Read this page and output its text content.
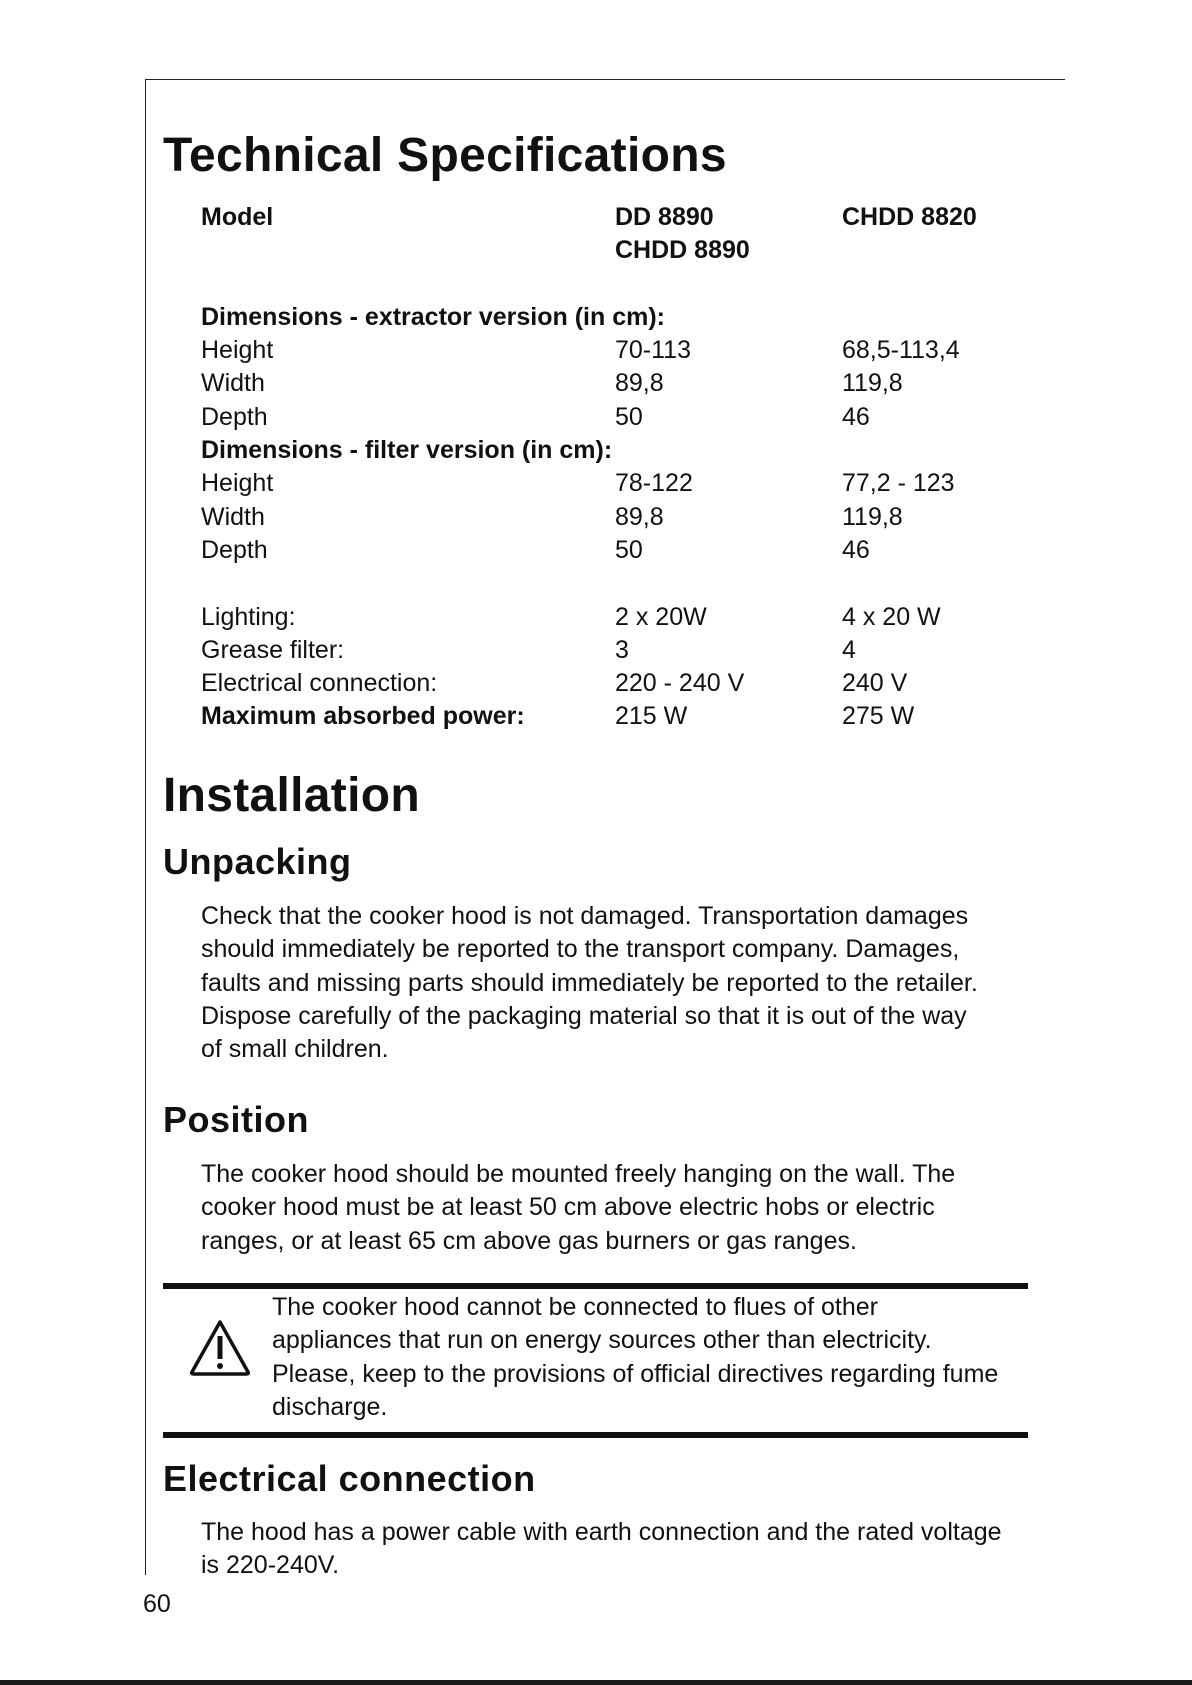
Technical Specifications
Model	DD 8890	CHDD 8820
CHDD 8890
Dimensions - extractor version (in cm):
Height	70-113	68,5-113,4
Width	89,8	119,8
Depth	50	46
Dimensions - filter version (in cm):
Height	78-122	77,2 - 123
Width	89,8	119,8
Depth	50	46
Lighting:	2 x 20W	4 x 20 W
Grease filter:	3	4
Electrical connection:	220 - 240 V	240 V
Maximum absorbed power:	215 W	275 W
Installation
Unpacking
Check that the cooker hood is not damaged. Transportation damages
should immediately be reported to the transport company. Damages,
faults and missing parts should immediately be reported to the retailer.
Dispose carefully of the packaging material so that it is out of the way
of small children.
Position
The cooker hood should be mounted freely hanging on the wall. The
cooker hood must be at least 50 cm above electric hobs or electric
ranges, or at least 65 cm above gas burners or gas ranges.
The cooker hood cannot be connected to flues of other
appliances that run on energy sources other than electricity.
Please, keep to the provisions of official directives regarding fume
discharge.
Electrical connection
The hood has a power cable with earth connection and the rated voltage
is 220-240V.
60
